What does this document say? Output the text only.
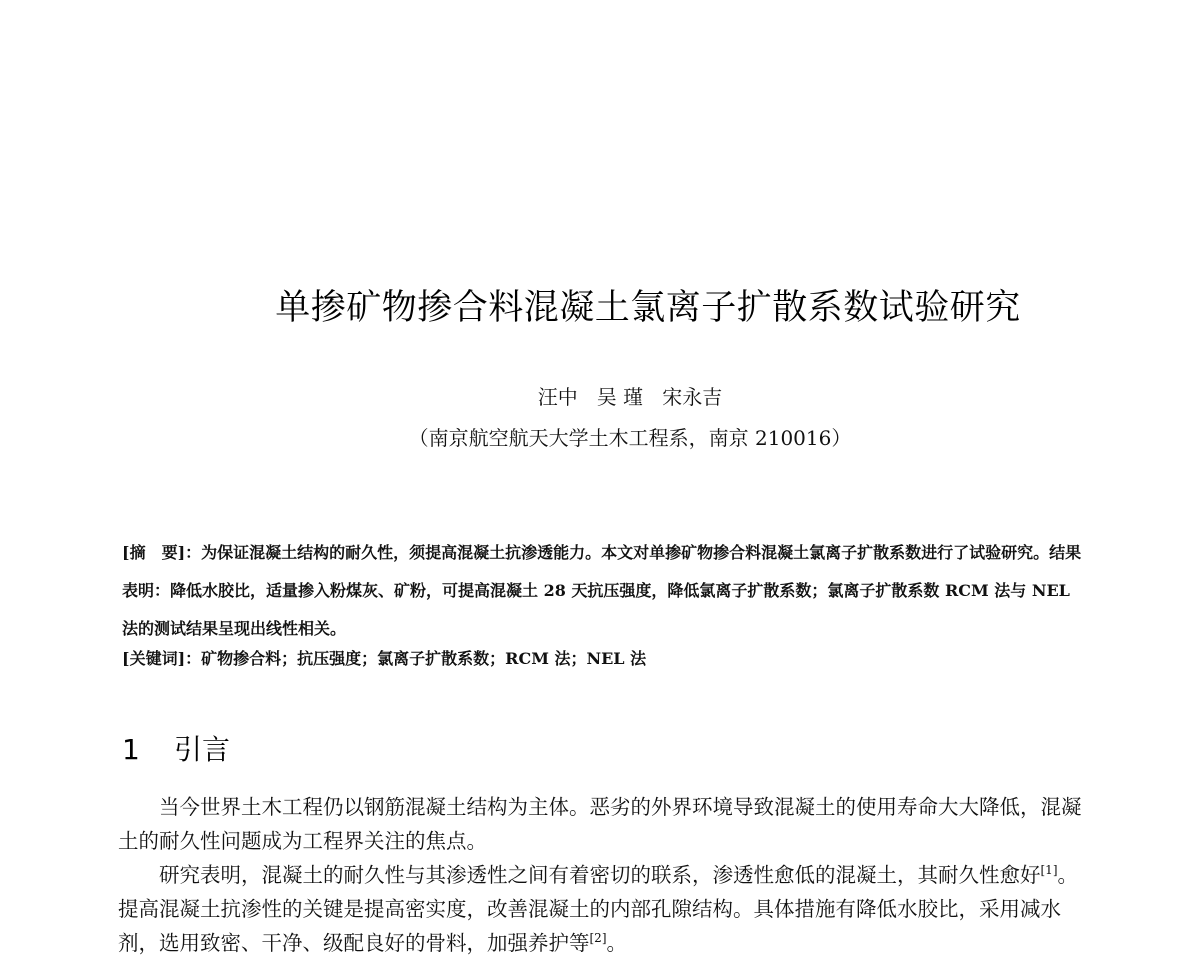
单掺矿物掺合料混凝土氯离子扩散系数试验研究
汪中   吴 瑾   宋永吉
（南京航空航天大学土木工程系，南京 210016）

[摘　要]：为保证混凝土结构的耐久性，须提高混凝土抗渗透能力。本文对单掺矿物掺合料混凝土氯离子扩散系数进行了试验研究。结果表明：降低水胶比，适量掺入粉煤灰、矿粉，可提高混凝土 28 天抗压强度，降低氯离子扩散系数；氯离子扩散系数 RCM 法与 NEL 法的测试结果呈现出线性相关。

[关键词]：矿物掺合料；抗压强度；氯离子扩散系数；RCM 法；NEL 法
1 引言

当今世界土木工程仍以钢筋混凝土结构为主体。恶劣的外界环境导致混凝土的使用寿命大大降低，混凝土的耐久性问题成为工程界关注的焦点。

研究表明，混凝土的耐久性与其渗透性之间有着密切的联系，渗透性愈低的混凝土，其耐久性愈好[1]。提高混凝土抗渗性的关键是提高密实度，改善混凝土的内部孔隙结构。具体措施有降低水胶比，采用减水剂，选用致密、干净、级配良好的骨料，加强养护等[2]。
